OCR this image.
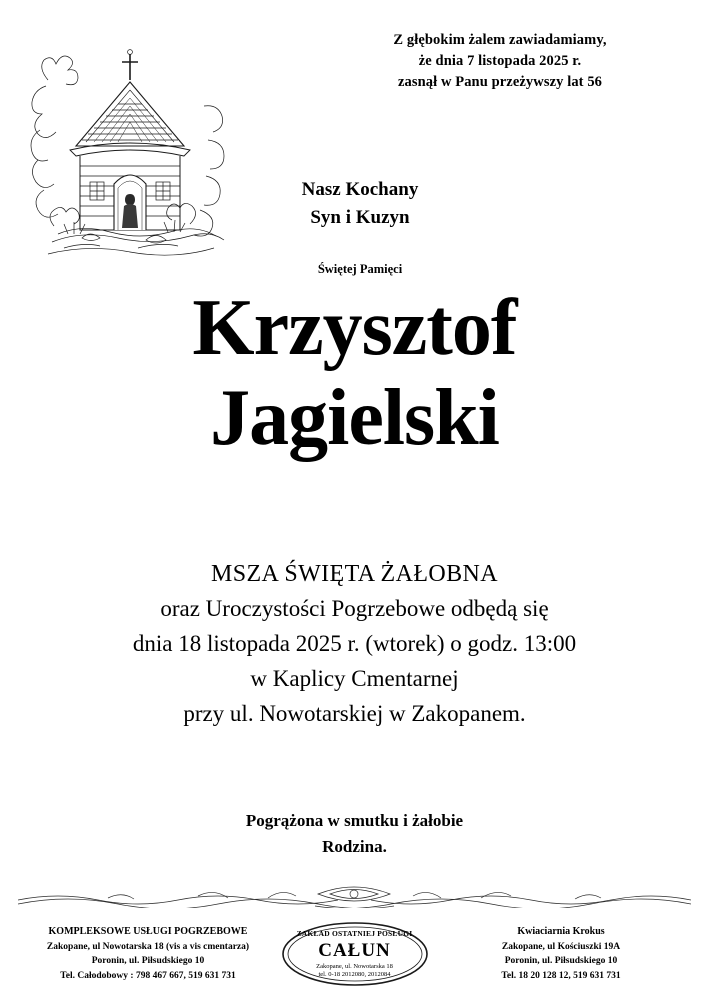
Z głębokim żalem zawiadamiamy,
że dnia 7 listopada 2025 r.
zasnął w Panu przeżywszy lat 56
Nasz Kochany
Syn i Kuzyn
Świętej Pamięci
Krzysztof
Jagielski
MSZA ŚWIĘTA ŻAŁOBNA
oraz Uroczystości Pogrzebowe odbędą się
dnia 18 listopada 2025 r. (wtorek) o godz. 13:00
w Kaplicy Cmentarnej
przy ul. Nowotarskiej w Zakopanem.
Pogrążona w smutku i żałobie
Rodzina.
KOMPLEKSOWE USŁUGI POGRZEBOWE
Zakopane, ul Nowotarska 18 (vis a vis cmentarza)
Poronin, ul. Piłsudskiego 10
Tel. Całodobowy : 798 467 667, 519 631 731
ZAKŁAD OSTATNIEJ POSŁUGI
CAŁUN
Zakopane, ul. Nowotarska 18
tel. 0-18 2012080, 2012084
Kwiaciarnia Krokus
Zakopane, ul Kościuszki 19A
Poronin, ul. Piłsudskiego 10
Tel. 18 20 128 12, 519 631 731
